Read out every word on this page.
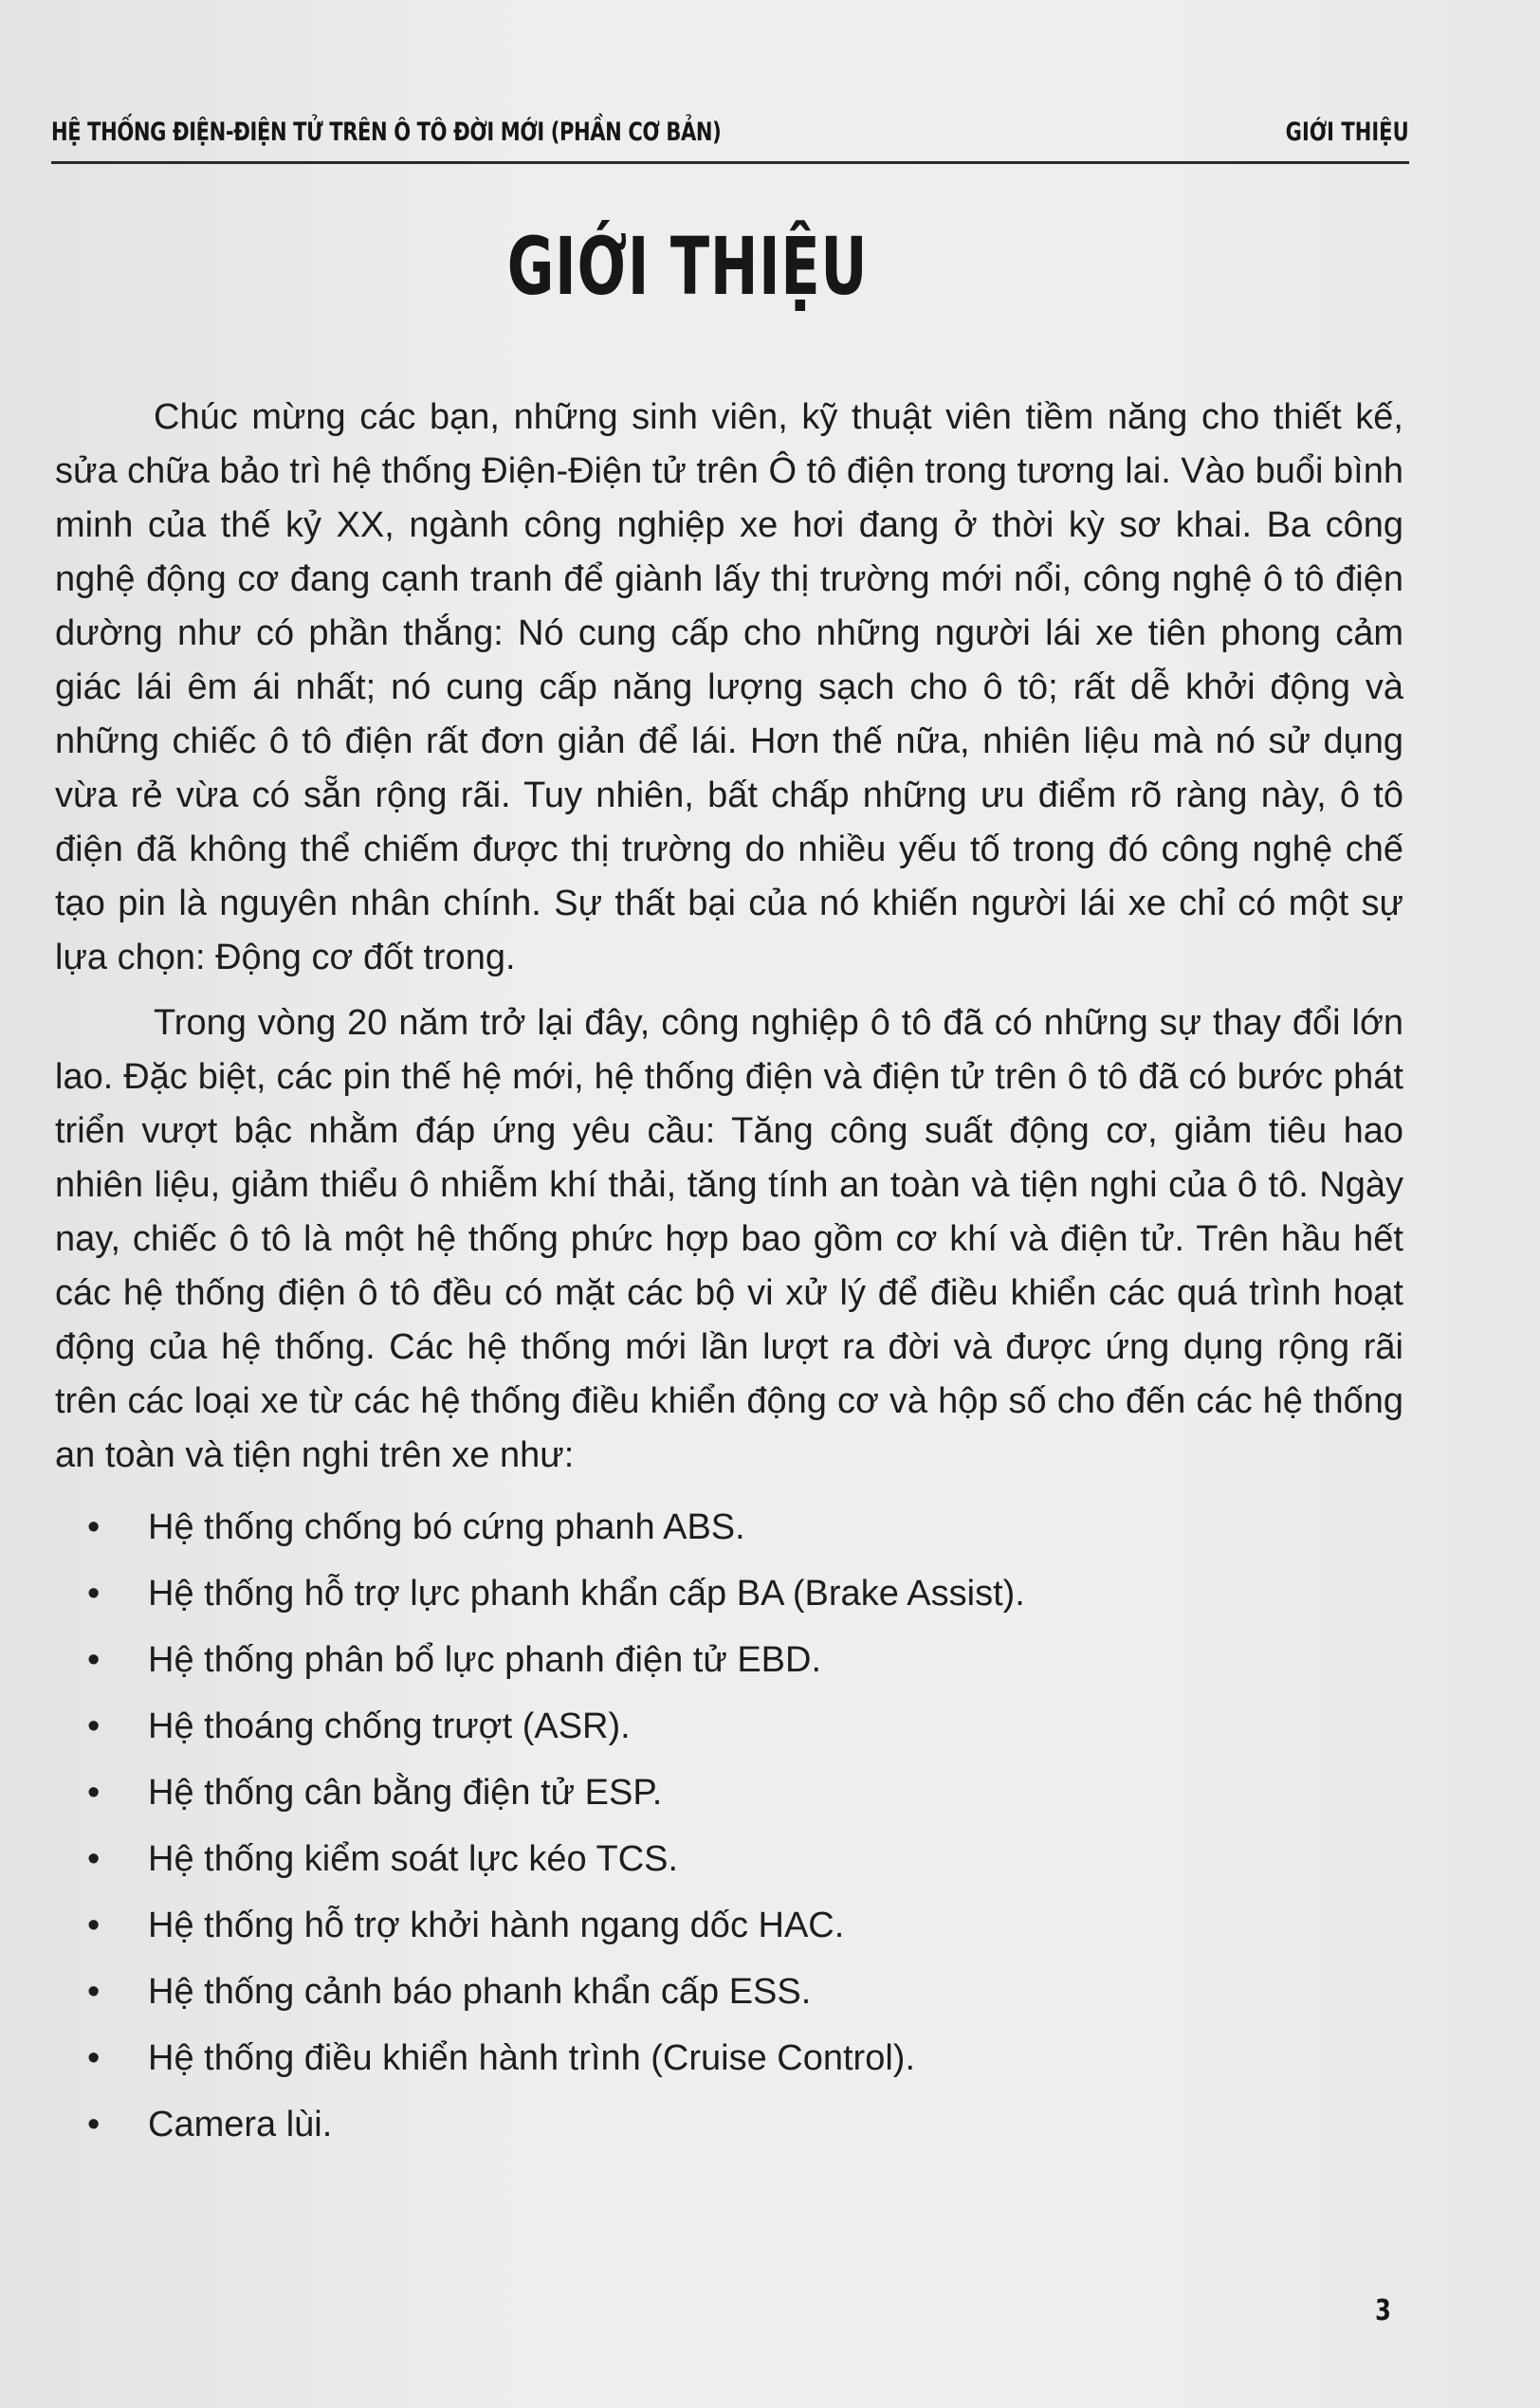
HỆ THỐNG ĐIỆN-ĐIỆN TỬ TRÊN Ô TÔ ĐỜI MỚI (PHẦN CƠ BẢN)	GIỚI THIỆU
GIỚI THIỆU

Chúc mừng các bạn, những sinh viên, kỹ thuật viên tiềm năng cho thiết kế, sửa chữa bảo trì hệ thống Điện-Điện tử trên Ô tô điện trong tương lai. Vào buổi bình minh của thế kỷ XX, ngành công nghiệp xe hơi đang ở thời kỳ sơ khai. Ba công nghệ động cơ đang cạnh tranh để giành lấy thị trường mới nổi, công nghệ ô tô điện dường như có phần thắng: Nó cung cấp cho những người lái xe tiên phong cảm giác lái êm ái nhất; nó cung cấp năng lượng sạch cho ô tô; rất dễ khởi động và những chiếc ô tô điện rất đơn giản để lái. Hơn thế nữa, nhiên liệu mà nó sử dụng vừa rẻ vừa có sẵn rộng rãi. Tuy nhiên, bất chấp những ưu điểm rõ ràng này, ô tô điện đã không thể chiếm được thị trường do nhiều yếu tố trong đó công nghệ chế tạo pin là nguyên nhân chính. Sự thất bại của nó khiến người lái xe chỉ có một sự lựa chọn: Động cơ đốt trong.

Trong vòng 20 năm trở lại đây, công nghiệp ô tô đã có những sự thay đổi lớn lao. Đặc biệt, các pin thế hệ mới, hệ thống điện và điện tử trên ô tô đã có bước phát triển vượt bậc nhằm đáp ứng yêu cầu: Tăng công suất động cơ, giảm tiêu hao nhiên liệu, giảm thiểu ô nhiễm khí thải, tăng tính an toàn và tiện nghi của ô tô. Ngày nay, chiếc ô tô là một hệ thống phức hợp bao gồm cơ khí và điện tử. Trên hầu hết các hệ thống điện ô tô đều có mặt các bộ vi xử lý để điều khiển các quá trình hoạt động của hệ thống. Các hệ thống mới lần lượt ra đời và được ứng dụng rộng rãi trên các loại xe từ các hệ thống điều khiển động cơ và hộp số cho đến các hệ thống an toàn và tiện nghi trên xe như:

• Hệ thống chống bó cứng phanh ABS.
• Hệ thống hỗ trợ lực phanh khẩn cấp BA (Brake Assist).
• Hệ thống phân bổ lực phanh điện tử EBD.
• Hệ thoáng chống trượt (ASR).
• Hệ thống cân bằng điện tử ESP.
• Hệ thống kiểm soát lực kéo TCS.
• Hệ thống hỗ trợ khởi hành ngang dốc HAC.
• Hệ thống cảnh báo phanh khẩn cấp ESS.
• Hệ thống điều khiển hành trình (Cruise Control).
• Camera lùi.
3
